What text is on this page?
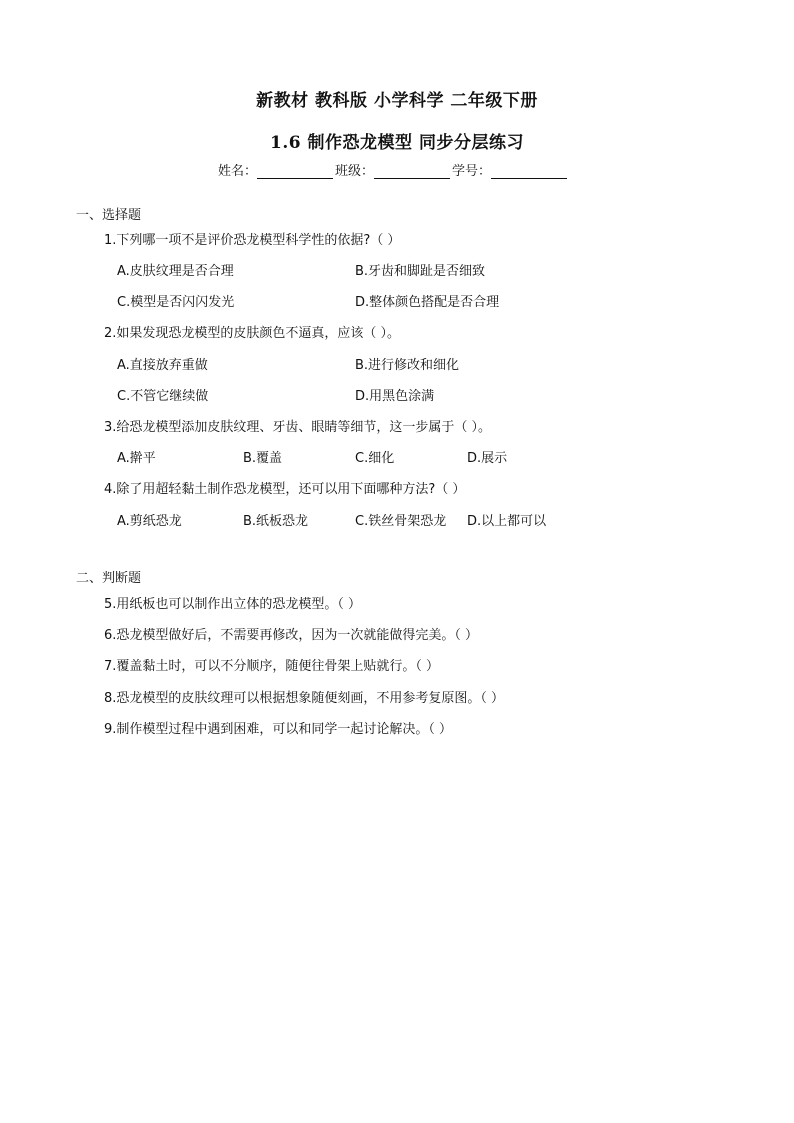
新教材 教科版 小学科学 二年级下册
1.6 制作恐龙模型 同步分层练习
姓名：	班级：	学号：
一、选择题
1.下列哪一项不是评价恐龙模型科学性的依据?（ ）
A.皮肤纹理是否合理	B.牙齿和脚趾是否细致
C.模型是否闪闪发光	D.整体颜色搭配是否合理
2.如果发现恐龙模型的皮肤颜色不逼真，应该（ ）。
A.直接放弃重做	B.进行修改和细化
C.不管它继续做	D.用黑色涂满
3.给恐龙模型添加皮肤纹理、牙齿、眼睛等细节，这一步属于（ ）。
A.擀平	B.覆盖	C.细化	D.展示
4.除了用超轻黏土制作恐龙模型，还可以用下面哪种方法?（ ）
A.剪纸恐龙	B.纸板恐龙	C.铁丝骨架恐龙 D.以上都可以
二、判断题
5.用纸板也可以制作出立体的恐龙模型。（ ）
6.恐龙模型做好后，不需要再修改，因为一次就能做得完美。（ ）
7.覆盖黏土时，可以不分顺序，随便往骨架上贴就行。（ ）
8.恐龙模型的皮肤纹理可以根据想象随便刻画，不用参考复原图。（ ）
9.制作模型过程中遇到困难，可以和同学一起讨论解决。（ ）
